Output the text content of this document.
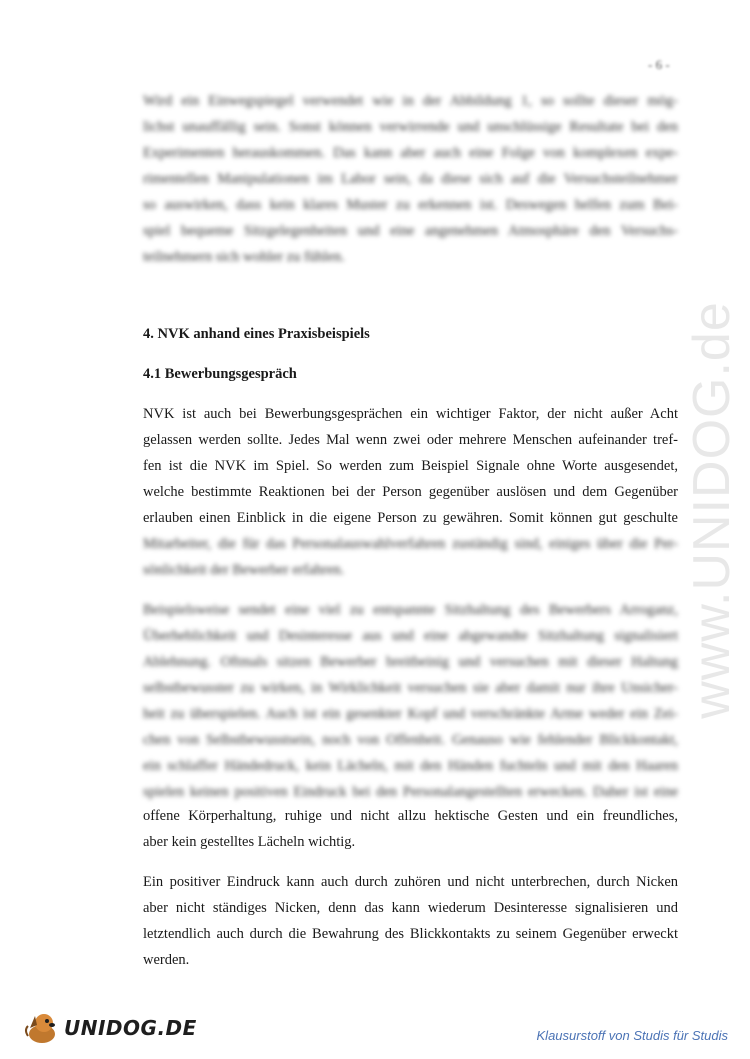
- 6 -
www.UNIDOG.de
Wird ein Einwegspiegel verwendet wie in der Abbildung 1, so sollte dieser mög-
lichst unauffällig sein. Sonst können verwirrende und unschlüssige Resultate bei den
Experimenten herauskommen. Das kann aber auch eine Folge von komplexen expe-
rimentellen Manipulationen im Labor sein, da diese sich auf die Versuchsteilnehmer
so auswirken, dass kein klares Muster zu erkennen ist. Deswegen helfen zum Bei-
spiel bequeme Sitzgelegenheiten und eine angenehmen Atmosphäre den Versuchs-
teilnehmern sich wohler zu fühlen.
4. NVK anhand eines Praxisbeispiels
4.1 Bewerbungsgespräch
NVK ist auch bei Bewerbungsgesprächen ein wichtiger Faktor, der nicht außer Acht
gelassen werden sollte. Jedes Mal wenn zwei oder mehrere Menschen aufeinander tref-
fen ist die NVK im Spiel. So werden zum Beispiel Signale ohne Worte ausgesendet,
welche bestimmte Reaktionen bei der Person gegenüber auslösen und dem Gegenüber
erlauben einen Einblick in die eigene Person zu gewähren. Somit können gut geschulte
Mitarbeiter, die für das Personalauswahlverfahren zuständig sind, einiges über die Per-
sönlichkeit der Bewerber erfahren.
Beispielsweise sendet eine viel zu entspannte Sitzhaltung des Bewerbers Arroganz,
Überheblichkeit und Desinteresse aus und eine abgewandte Sitzhaltung signalisiert
Ablehnung. Oftmals sitzen Bewerber breitbeinig und versuchen mit dieser Haltung
selbstbewusster zu wirken, in Wirklichkeit versuchen sie aber damit nur ihre Unsicher-
heit zu überspielen. Auch ist ein gesenkter Kopf und verschränkte Arme weder ein Zei-
chen von Selbstbewusstsein, noch von Offenheit. Genauso wie fehlender Blickkontakt,
ein schlaffer Händedruck, kein Lächeln, mit den Händen fuchteln und mit den Haaren
spielen keinen positiven Eindruck bei den Personalangestellten erwecken. Daher ist eine
offene Körperhaltung, ruhige und nicht allzu hektische Gesten und ein freundliches,
aber kein gestelltes Lächeln wichtig.
Ein positiver Eindruck kann auch durch zuhören und nicht unterbrechen, durch Nicken
aber nicht ständiges Nicken, denn das kann wiederum Desinteresse signalisieren und
letztendlich auch durch die Bewahrung des Blickkontakts zu seinem Gegenüber erweckt
werden.
UNIDOG.DE	Klausurstoff von Studis für Studis
